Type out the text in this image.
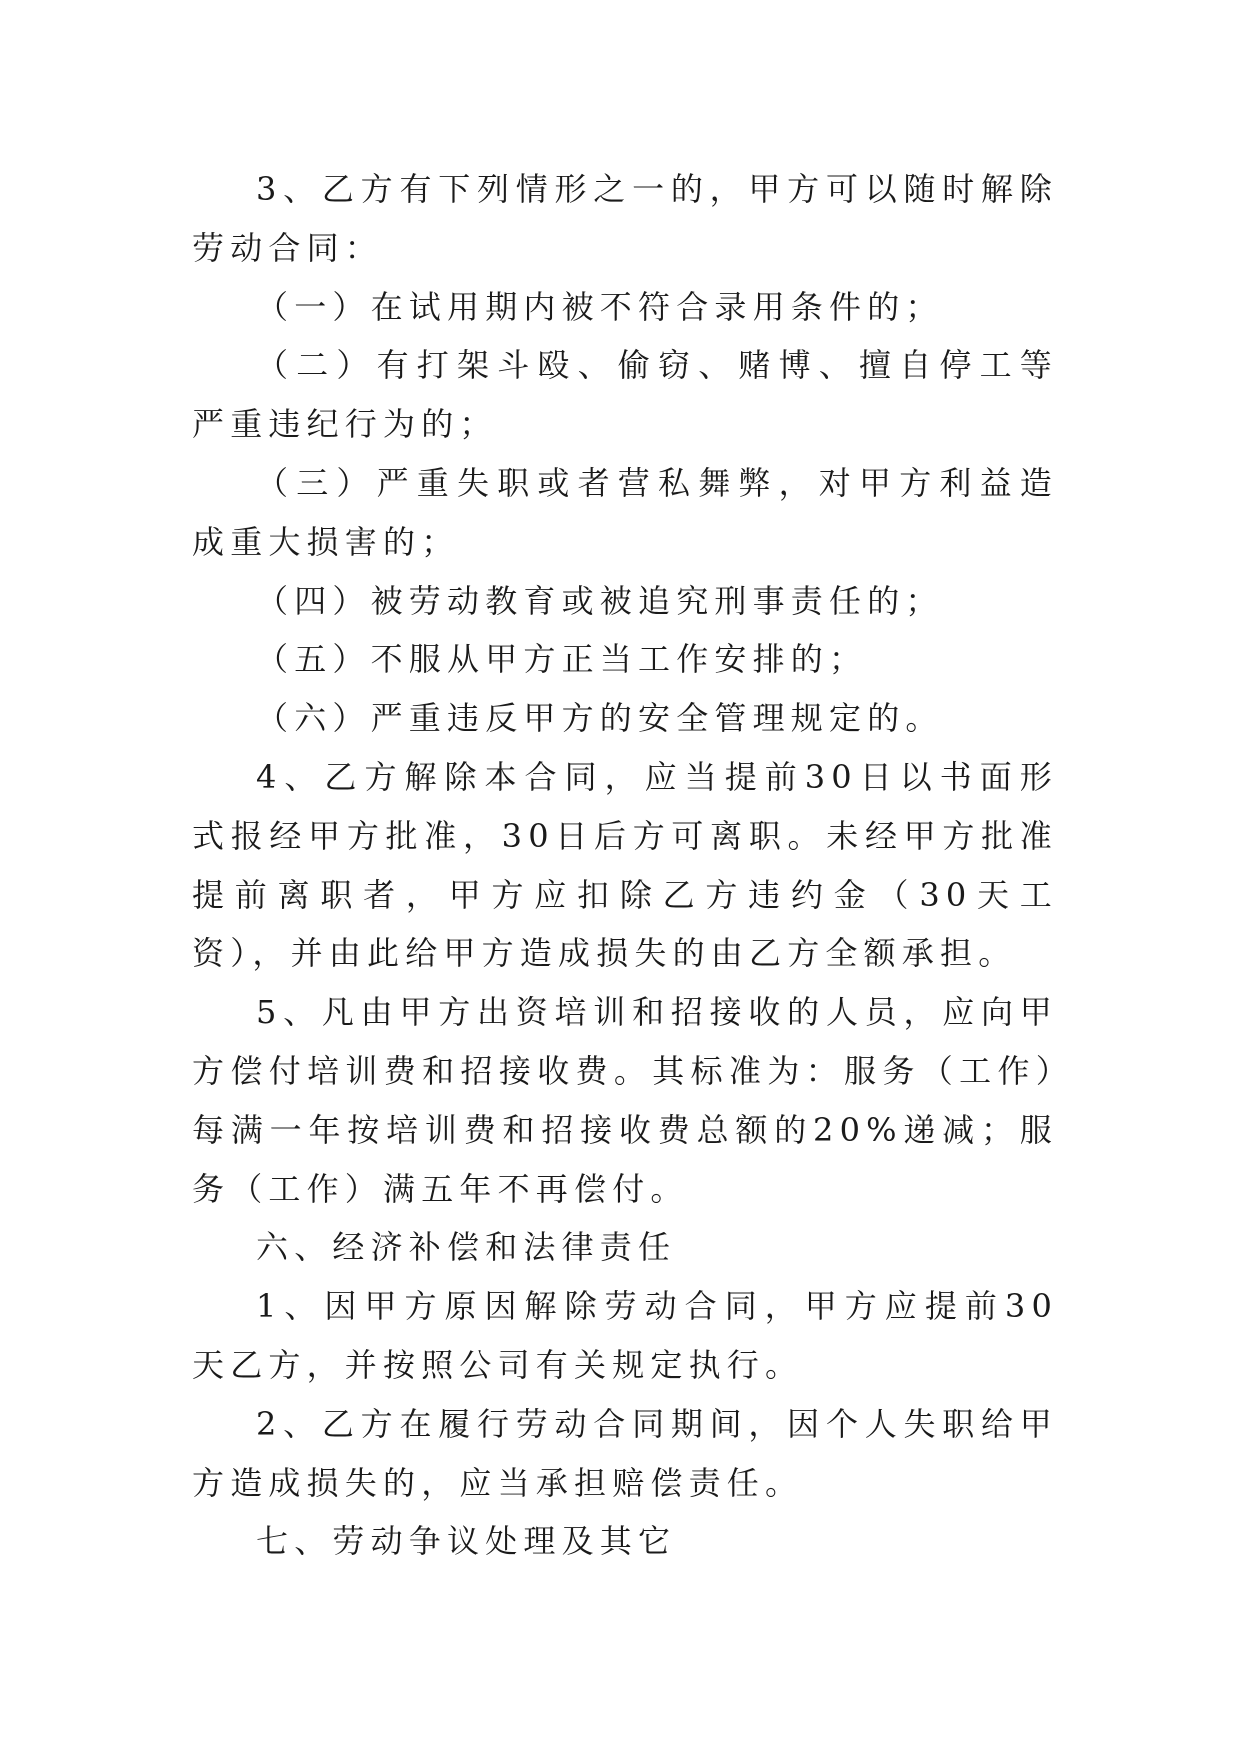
3、乙方有下列情形之一的，甲方可以随时解除劳动合同：

（一）在试用期内被不符合录用条件的；

（二）有打架斗殴、偷窃、赌博、擅自停工等严重违纪行为的；

（三）严重失职或者营私舞弊，对甲方利益造成重大损害的；

（四）被劳动教育或被追究刑事责任的；

（五）不服从甲方正当工作安排的；

（六）严重违反甲方的安全管理规定的。

4、乙方解除本合同，应当提前30日以书面形式报经甲方批准，30日后方可离职。未经甲方批准提前离职者，甲方应扣除乙方违约金（30天工资），并由此给甲方造成损失的由乙方全额承担。

5、凡由甲方出资培训和招接收的人员，应向甲方偿付培训费和招接收费。其标准为：服务（工作）每满一年按培训费和招接收费总额的20%递减；服务（工作）满五年不再偿付。

六、经济补偿和法律责任

1、因甲方原因解除劳动合同，甲方应提前30天乙方，并按照公司有关规定执行。

2、乙方在履行劳动合同期间，因个人失职给甲方造成损失的，应当承担赔偿责任。

七、劳动争议处理及其它
